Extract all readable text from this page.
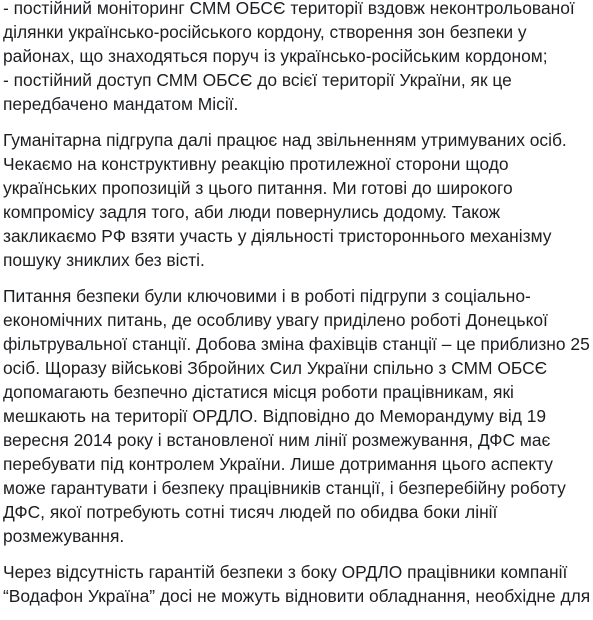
- постійний моніторинг СММ ОБСЄ території вздовж неконтрольованої
ділянки українсько-російського кордону, створення зон безпеки у
районах, що знаходяться поруч із українсько-російським кордоном;
- постійний доступ СММ ОБСЄ до всієї території України, як це
передбачено мандатом Місії.
Гуманітарна підгрупа далі працює над звільненням утримуваних осіб.
Чекаємо на конструктивну реакцію протилежної сторони щодо
українських пропозицій з цього питання. Ми готові до широкого
компромісу задля того, аби люди повернулись додому. Також
закликаємо РФ взяти участь у діяльності тристороннього механізму
пошуку зниклих без вісті.
Питання безпеки були ключовими і в роботі підгрупи з соціально-
економічних питань, де особливу увагу приділено роботі Донецької
фільтрувальної станції. Добова зміна фахівців станції – це приблизно 25
осіб. Щоразу військові Збройних Сил України спільно з СММ ОБСЄ
допомагають безпечно дістатися місця роботи працівникам, які
мешкають на території ОРДЛО. Відповідно до Меморандуму від 19
вересня 2014 року і встановленої ним лінії розмежування, ДФС має
перебувати під контролем України. Лише дотримання цього аспекту
може гарантувати і безпеку працівників станції, і безперебійну роботу
ДФС, якої потребують сотні тисяч людей по обидва боки лінії
розмежування.
Через відсутність гарантій безпеки з боку ОРДЛО працівники компанії
“Водафон Україна” досі не можуть відновити обладнання, необхідне для
